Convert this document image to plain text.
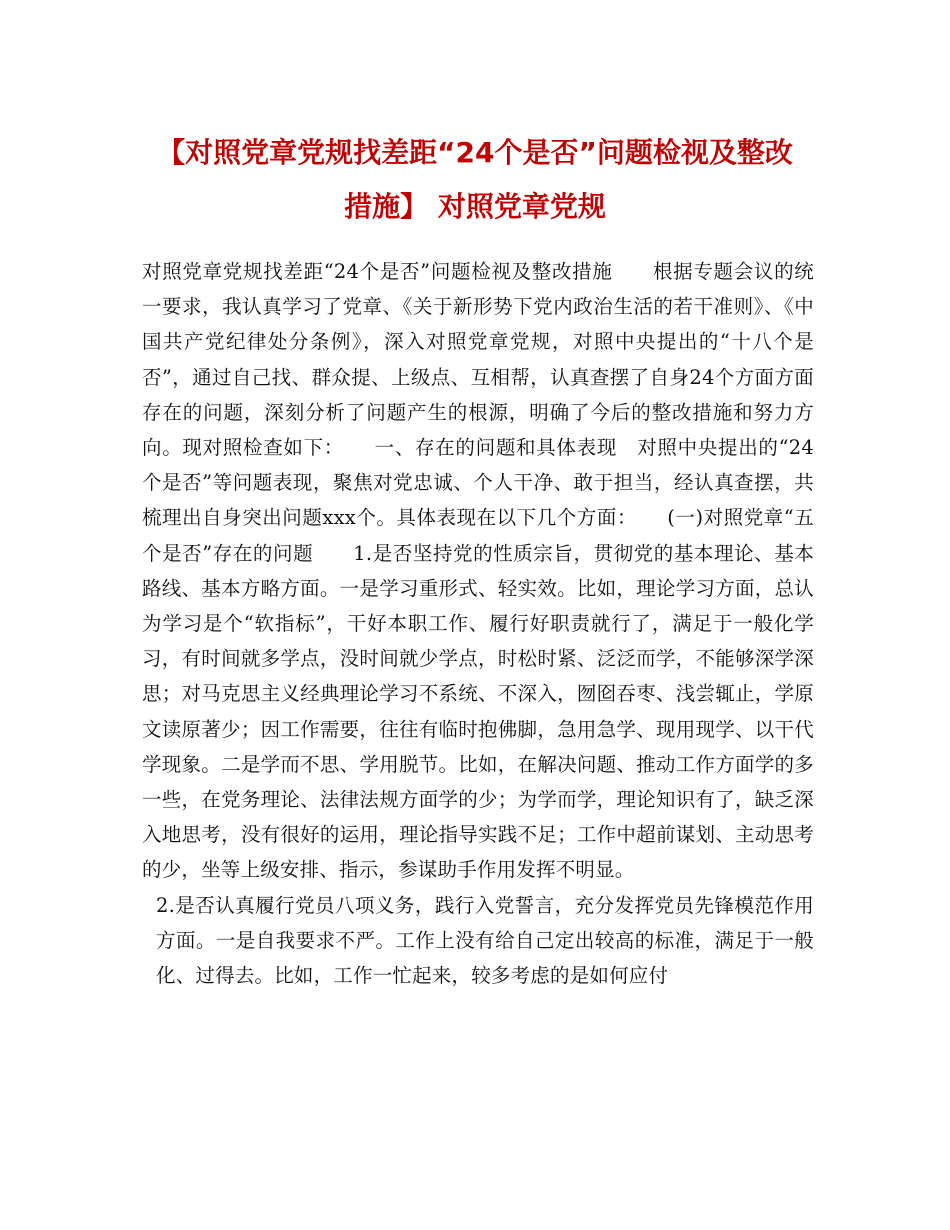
【对照党章党规找差距“24个是否”问题检视及整改
措施】 对照党章党规

对照党章党规找差距“24个是否”问题检视及整改措施　　根据专题会议的统一要求，我认真学习了党章、《关于新形势下党内政治生活的若干准则》、《中国共产党纪律处分条例》，深入对照党章党规，对照中央提出的“十八个是否”，通过自己找、群众提、上级点、互相帮，认真查摆了自身24个方面方面存在的问题，深刻分析了问题产生的根源，明确了今后的整改措施和努力方向。现对照检查如下：　　一、存在的问题和具体表现　对照中央提出的“24个是否”等问题表现，聚焦对党忠诚、个人干净、敢于担当，经认真查摆，共梳理出自身突出问题xxx个。具体表现在以下几个方面：　　(一)对照党章“五个是否”存在的问题　　1.是否坚持党的性质宗旨，贯彻党的基本理论、基本路线、基本方略方面。一是学习重形式、轻实效。比如，理论学习方面，总认为学习是个“软指标”，干好本职工作、履行好职责就行了，满足于一般化学习，有时间就多学点，没时间就少学点，时松时紧、泛泛而学，不能够深学深思；对马克思主义经典理论学习不系统、不深入，囫囵吞枣、浅尝辄止，学原文读原著少；因工作需要，往往有临时抱佛脚，急用急学、现用现学、以干代学现象。二是学而不思、学用脱节。比如，在解决问题、推动工作方面学的多一些，在党务理论、法律法规方面学的少；为学而学，理论知识有了，缺乏深入地思考，没有很好的运用，理论指导实践不足；工作中超前谋划、主动思考的少，坐等上级安排、指示，参谋助手作用发挥不明显。

2.是否认真履行党员八项义务，践行入党誓言，充分发挥党员先锋模范作用方面。一是自我要求不严。工作上没有给自己定出较高的标准，满足于一般化、过得去。比如，工作一忙起来，较多考虑的是如何应付
